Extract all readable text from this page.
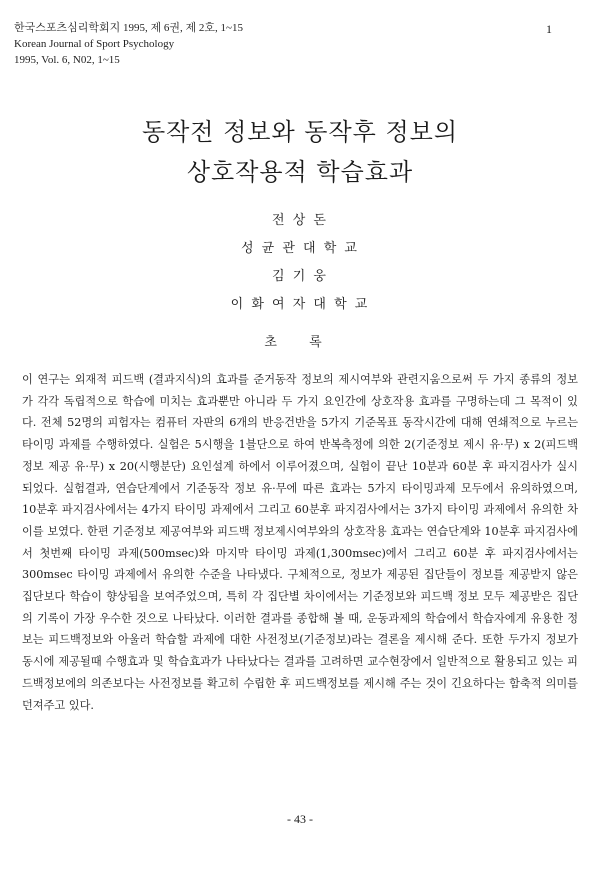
한국스포츠심리학회지 1995, 제 6권, 제 2호, 1~15
Korean Journal of Sport Psychology
1995, Vol. 6, N02, 1~15
1
동작전 정보와 동작후 정보의
상호작용적 학습효과
전 상 돈
성 균 관 대 학 교
김 기 웅
이 화 여 자 대 학 교
초 록
이 연구는 외재적 피드백 (결과지식)의 효과를 준거동작 정보의 제시여부와 관련지움으로써 두 가지 종류의 정보
가 각각 독립적으로 학습에 미치는 효과뿐만 아니라 두 가지 요인간에 상호작용 효과를 구명하는데 그 목적이 있
다. 전체 52명의 피험자는 컴퓨터 자판의 6개의 반응건반을 5가지 기준목표 동작시간에 대해 연쇄적으로 누르는
타이밍 과제를 수행하였다. 실험은 5시행을 1블단으로 하여 반복측정에 의한 2(기준정보 제시 유·무) x 2(피드백
정보 제공 유·무) x 20(시행분단) 요인설계 하에서 이루어졌으며, 실험이 끝난 10분과 60분 후 파지검사가 실시
되었다. 실험결과, 연습단계에서 기준동작 정보 유·무에 따른 효과는 5가지 타이밍과제 모두에서 유의하였으며,
10분후 파지검사에서는 4가지 타이밍 과제에서 그리고 60분후 파지검사에서는 3가지 타이밍 과제에서 유의한 차
이를 보였다. 한편 기준정보 제공여부와 피드백 정보제시여부와의 상호작용 효과는 연습단계와 10분후 파지검사에
서 첫번째 타이밍 과제(500msec)와 마지막 타이밍 과제(1,300msec)에서 그리고 60분 후 파지검사에서는
300msec 타이밍 과제에서 유의한 수준을 나타냈다. 구체적으로, 정보가 제공된 집단들이 정보를 제공받지 않은
집단보다 학습이 향상됨을 보여주었으며, 특히 각 집단별 차이에서는 기준정보와 피드백 정보 모두 제공받은 집단
의 기록이 가장 우수한 것으로 나타났다. 이러한 결과를 종합해 볼 때, 운동과제의 학습에서 학습자에게 유용한 정
보는 피드백정보와 아울러 학습할 과제에 대한 사전정보(기준정보)라는 결론을 제시해 준다. 또한 두가지 정보가
동시에 제공될때 수행효과 및 학습효과가 나타났다는 결과를 고려하면 교수현장에서 일반적으로 활용되고 있는 피
드백정보에의 의존보다는 사전정보를 확고히 수립한 후 피드백정보를 제시해 주는 것이 긴요하다는 함축적 의미를
던져주고 있다.
- 43 -
